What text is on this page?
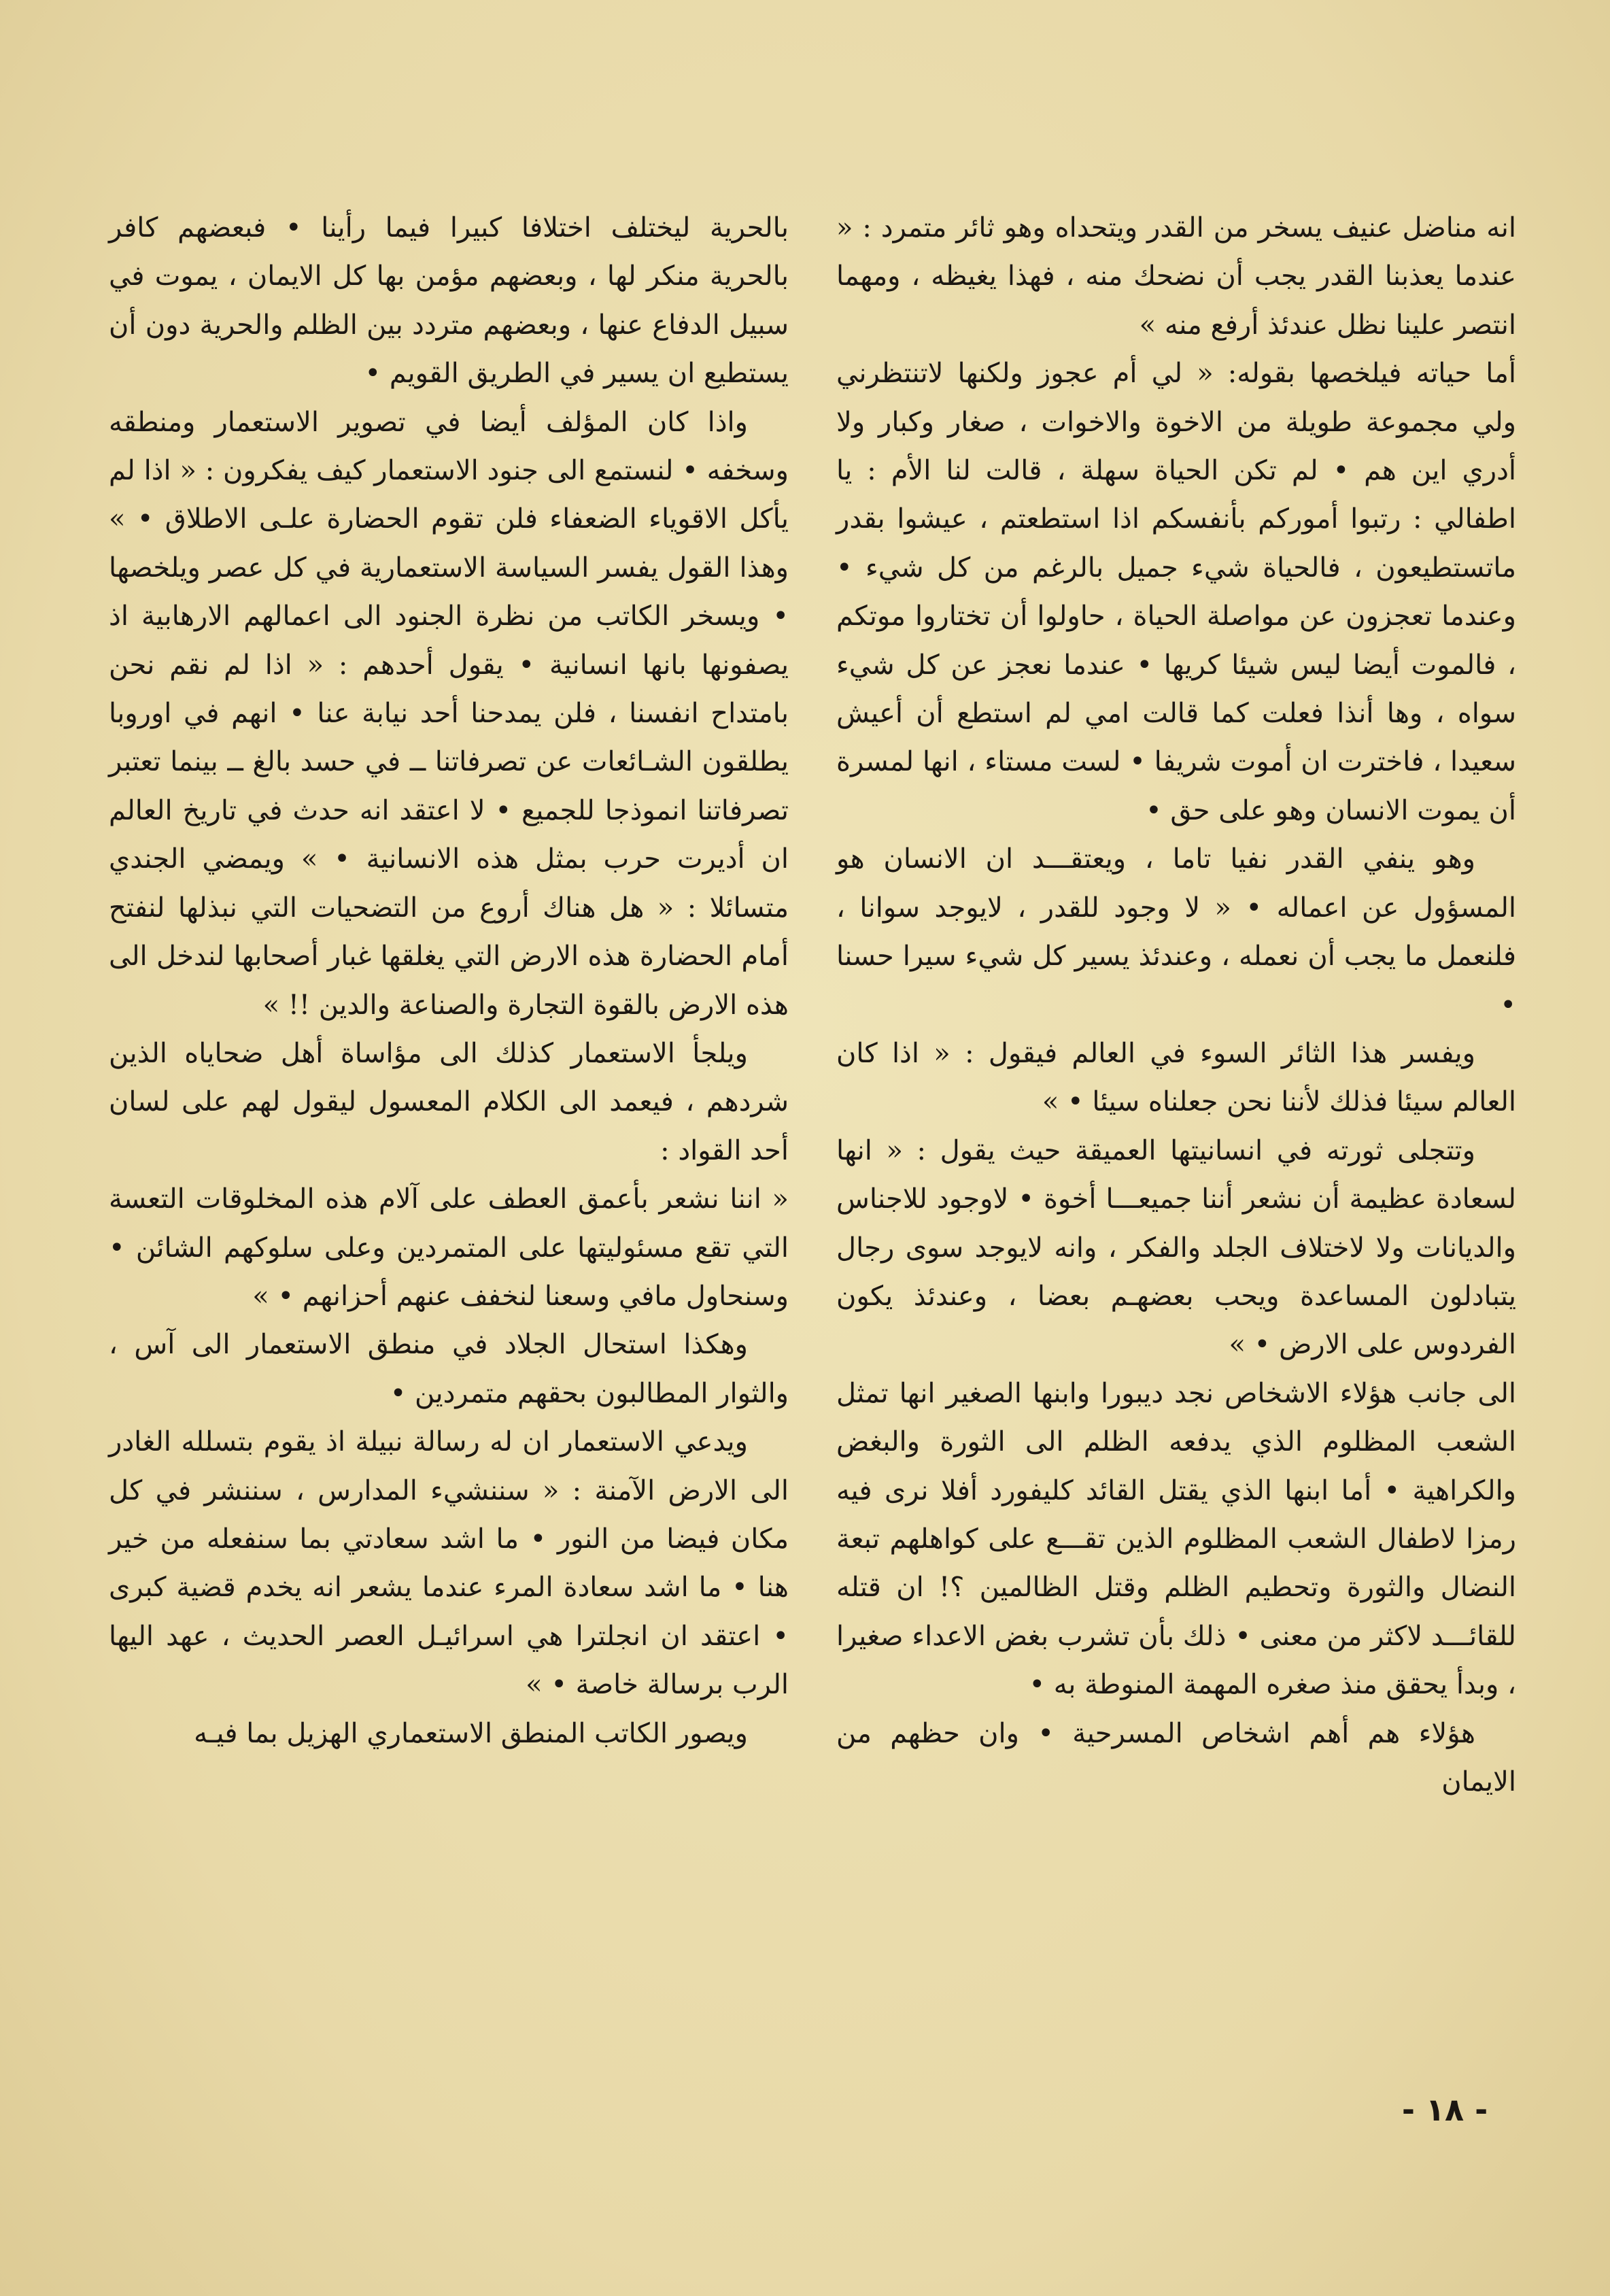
انه مناضل عنيف يسخر من القدر ويتحداه وهو ثائر متمرد : « عندما يعذبنا القدر يجب أن نضحك منه ، فهذا يغيظه ، ومهما انتصر علينا نظل عندئذ أرفع منه »

أما حياته فيلخصها بقوله: « لي أم عجوز ولكنها لاتنتظرني ولي مجموعة طويلة من الاخوة والاخوات ، صغار وكبار ولا أدري اين هم • لم تكن الحياة سهلة ، قالت لنا الأم : يا اطفالي : رتبوا أموركم بأنفسكم اذا استطعتم ، عيشوا بقدر ماتستطيعون ، فالحياة شيء جميل بالرغم من كل شيء • وعندما تعجزون عن مواصلة الحياة ، حاولوا أن تختاروا موتكم ، فالموت أيضا ليس شيئا كريها • عندما نعجز عن كل شيء سواه ، وها أنذا فعلت كما قالت امي لم استطع أن أعيش سعيدا ، فاخترت ان أموت شريفا • لست مستاء ، انها لمسرة أن يموت الانسان وهو على حق •

وهو ينفي القدر نفيا تاما ، ويعتقـــد ان الانسان هو المسؤول عن اعماله • « لا وجود للقدر ، لايوجد سوانا ، فلنعمل ما يجب أن نعمله ، وعندئذ يسير كل شيء سيرا حسنا •

ويفسر هذا الثائر السوء في العالم فيقول : « اذا كان العالم سيئا فذلك لأننا نحن جعلناه سيئا • »

وتتجلى ثورته في انسانيتها العميقة حيث يقول : « انها لسعادة عظيمة أن نشعر أننا جميعـــا أخوة • لاوجود للاجناس والديانات ولا لاختلاف الجلد والفكر ، وانه لايوجد سوى رجال يتبادلون المساعدة ويحب بعضهـم بعضا ، وعندئذ يكون الفردوس على الارض • »

الى جانب هؤلاء الاشخاص نجد ديبورا وابنها الصغير انها تمثل الشعب المظلوم الذي يدفعه الظلم الى الثورة والبغض والكراهية • أما ابنها الذي يقتل القائد كليفورد أفلا نرى فيه رمزا لاطفال الشعب المظلوم الذين تقـــع على كواهلهم تبعة النضال والثورة وتحطيم الظلم وقتل الظالمين ؟! ان قتله للقائـــد لاكثر من معنى • ذلك بأن تشرب بغض الاعداء صغيرا ، وبدأ يحقق منذ صغره المهمة المنوطة به •

هؤلاء هم أهم اشخاص المسرحية • وان حظهم من الايمان

بالحرية ليختلف اختلافا كبيرا فيما رأينا • فبعضهم كافر بالحرية منكر لها ، وبعضهم مؤمن بها كل الايمان ، يموت في سبيل الدفاع عنها ، وبعضهم متردد بين الظلم والحرية دون أن يستطيع ان يسير في الطريق القويم •

واذا كان المؤلف أيضا في تصوير الاستعمار ومنطقه وسخفه • لنستمع الى جنود الاستعمار كيف يفكرون : « اذا لم يأكل الاقوياء الضعفاء فلن تقوم الحضارة علـى الاطلاق • » وهذا القول يفسر السياسة الاستعمارية في كل عصر ويلخصها • ويسخر الكاتب من نظرة الجنود الى اعمالهم الارهابية اذ يصفونها بانها انسانية • يقول أحدهم : « اذا لم نقم نحن بامتداح انفسنا ، فلن يمدحنا أحد نيابة عنا • انهم في اوروبا يطلقون الشـائعات عن تصرفاتنا ــ في حسد بالغ ــ بينما تعتبر تصرفاتنا انموذجا للجميع • لا اعتقد انه حدث في تاريخ العالم ان أديرت حرب بمثل هذه الانسانية • » ويمضي الجندي متسائلا : « هل هناك أروع من التضحيات التي نبذلها لنفتح أمام الحضارة هذه الارض التي يغلقها غبار أصحابها لندخل الى هذه الارض بالقوة التجارة والصناعة والدين !! »

ويلجأ الاستعمار كذلك الى مؤاساة أهل ضحاياه الذين شردهم ، فيعمد الى الكلام المعسول ليقول لهم على لسان أحد القواد :

« اننا نشعر بأعمق العطف على آلام هذه المخلوقات التعسة التي تقع مسئوليتها على المتمردين وعلى سلوكهم الشائن • وسنحاول مافي وسعنا لنخفف عنهم أحزانهم • »

وهكذا استحال الجلاد في منطق الاستعمار الى آس ، والثوار المطالبون بحقهم متمردين •

ويدعي الاستعمار ان له رسالة نبيلة اذ يقوم بتسلله الغادر الى الارض الآمنة : « سننشيء المدارس ، سننشر في كل مكان فيضا من النور • ما اشد سعادتي بما سنفعله من خير هنا • ما اشد سعادة المرء عندما يشعر انه يخدم قضية كبرى • اعتقد ان انجلترا هي اسرائيـل العصر الحديث ، عهد اليها الرب برسالة خاصة • »

ويصور الكاتب المنطق الاستعماري الهزيل بما فيـه

- ١٨ -
